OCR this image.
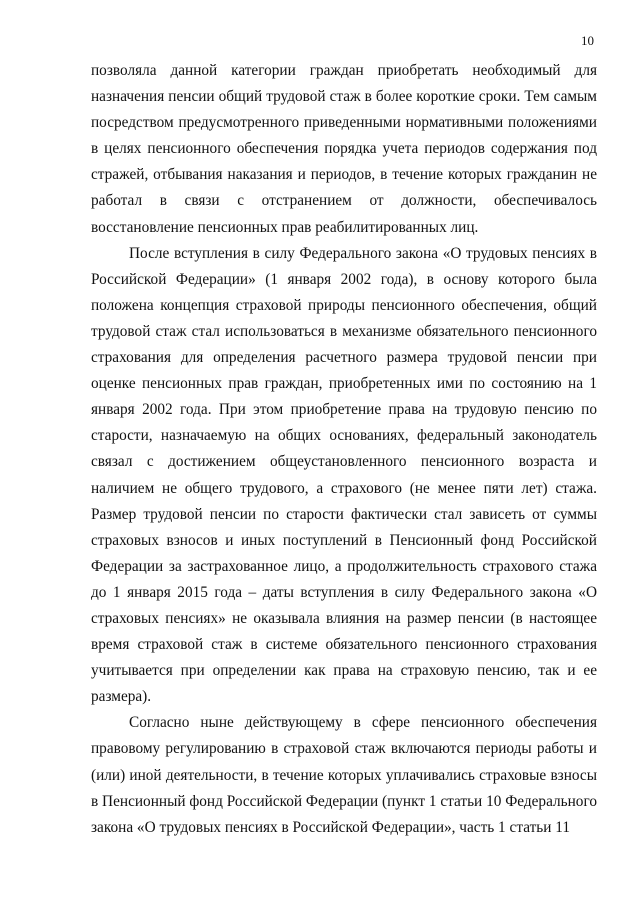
10

позволяла данной категории граждан приобретать необходимый для назначения пенсии общий трудовой стаж в более короткие сроки. Тем самым посредством предусмотренного приведенными нормативными положениями в целях пенсионного обеспечения порядка учета периодов содержания под стражей, отбывания наказания и периодов, в течение которых гражданин не работал в связи с отстранением от должности, обеспечивалось восстановление пенсионных прав реабилитированных лиц.

После вступления в силу Федерального закона «О трудовых пенсиях в Российской Федерации» (1 января 2002 года), в основу которого была положена концепция страховой природы пенсионного обеспечения, общий трудовой стаж стал использоваться в механизме обязательного пенсионного страхования для определения расчетного размера трудовой пенсии при оценке пенсионных прав граждан, приобретенных ими по состоянию на 1 января 2002 года. При этом приобретение права на трудовую пенсию по старости, назначаемую на общих основаниях, федеральный законодатель связал с достижением общеустановленного пенсионного возраста и наличием не общего трудового, а страхового (не менее пяти лет) стажа. Размер трудовой пенсии по старости фактически стал зависеть от суммы страховых взносов и иных поступлений в Пенсионный фонд Российской Федерации за застрахованное лицо, а продолжительность страхового стажа до 1 января 2015 года – даты вступления в силу Федерального закона «О страховых пенсиях» не оказывала влияния на размер пенсии (в настоящее время страховой стаж в системе обязательного пенсионного страхования учитывается при определении как права на страховую пенсию, так и ее размера).

Согласно ныне действующему в сфере пенсионного обеспечения правовому регулированию в страховой стаж включаются периоды работы и (или) иной деятельности, в течение которых уплачивались страховые взносы в Пенсионный фонд Российской Федерации (пункт 1 статьи 10 Федерального закона «О трудовых пенсиях в Российской Федерации», часть 1 статьи 11
